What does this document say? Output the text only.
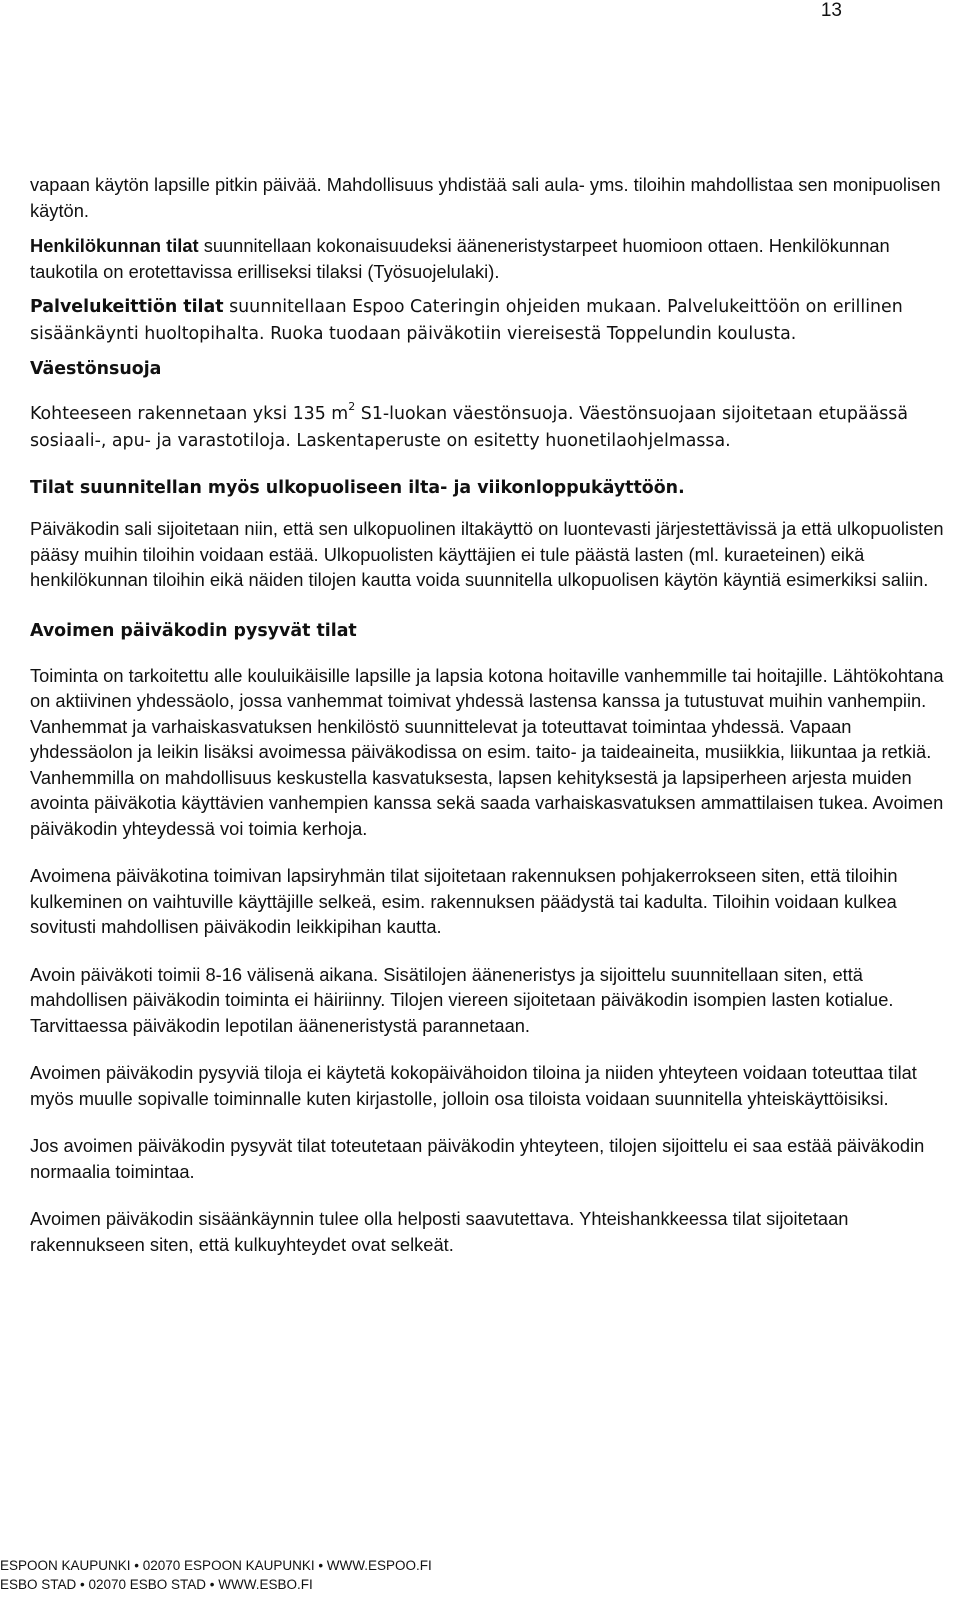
13

vapaan käytön lapsille pitkin päivää. Mahdollisuus yhdistää sali aula- yms. tiloihin mahdollistaa sen monipuolisen käytön.

Henkilökunnan tilat suunnitellaan kokonaisuudeksi ääneneristystarpeet huomioon ottaen. Henkilökunnan taukotila on erotettavissa erilliseksi tilaksi (Työsuojelulaki).

Palvelukeittiön tilat suunnitellaan Espoo Cateringin ohjeiden mukaan. Palvelukeittöön on erillinen sisäänkäynti huoltopihalta. Ruoka tuodaan päiväkotiin viereisestä Toppelundin koulusta.

Väestönsuoja

Kohteeseen rakennetaan yksi 135 $m^2$ S1-luokan väestönsuoja. Väestönsuojaan sijoitetaan etupäässä sosiaali-, apu- ja varastotiloja. Laskentaperuste on esitetty huonetilaohjelmassa.

Tilat suunnitellan myös ulkopuoliseen ilta- ja viikonloppukäyttöön.

Päiväkodin sali sijoitetaan niin, että sen ulkopuolinen iltakäyttö on luontevasti järjestettävissä ja että ulkopuolisten pääsy muihin tiloihin voidaan estää. Ulkopuolisten käyttäjien ei tule päästä lasten (ml. kuraeteinen) eikä henkilökunnan tiloihin eikä näiden tilojen kautta voida suunnitella ulkopuolisen käytön käyntiä esimerkiksi saliin.

Avoimen päiväkodin pysyvät tilat

Toiminta on tarkoitettu alle kouluikäisille lapsille ja lapsia kotona hoitaville vanhemmille tai hoitajille. Lähtökohtana on aktiivinen yhdessäolo, jossa vanhemmat toimivat yhdessä lastensa kanssa ja tutustuvat muihin vanhempiin. Vanhemmat ja varhaiskasvatuksen henkilöstö suunnittelevat ja toteuttavat toimintaa yhdessä. Vapaan yhdessäolon ja leikin lisäksi avoimessa päiväkodissa on esim. taito- ja taideaineita, musiikkia, liikuntaa ja retkiä. Vanhemmilla on mahdollisuus keskustella kasvatuksesta, lapsen kehityksestä ja lapsiperheen arjesta muiden avointa päiväkotia käyttävien vanhempien kanssa sekä saada varhaiskasvatuksen ammattilaisen tukea. Avoimen päiväkodin yhteydessä voi toimia kerhoja.

Avoimena päiväkotina toimivan lapsiryhmän tilat sijoitetaan rakennuksen pohjakerrokseen siten, että tiloihin kulkeminen on vaihtuville käyttäjille selkeä, esim. rakennuksen päädystä tai kadulta. Tiloihin voidaan kulkea sovitusti mahdollisen päiväkodin leikkipihan kautta.

Avoin päiväkoti toimii 8-16 välisenä aikana. Sisätilojen ääneneristys ja sijoittelu suunnitellaan siten, että mahdollisen päiväkodin toiminta ei häiriinny. Tilojen viereen sijoitetaan päiväkodin isompien lasten kotialue. Tarvittaessa päiväkodin lepotilan ääneneristystä parannetaan.

Avoimen päiväkodin pysyviä tiloja ei käytetä kokopäivähoidon tiloina ja niiden yhteyteen voidaan toteuttaa tilat myös muulle sopivalle toiminnalle kuten kirjastolle, jolloin osa tiloista voidaan suunnitella yhteiskäyttöisiksi.

Jos avoimen päiväkodin pysyvät tilat toteutetaan päiväkodin yhteyteen, tilojen sijoittelu ei saa estää päiväkodin normaalia toimintaa.

Avoimen päiväkodin sisäänkäynnin tulee olla helposti saavutettava. Yhteishankkeessa tilat sijoitetaan rakennukseen siten, että kulkuyhteydet ovat selkeät.

ESPOON KAUPUNKI • 02070 ESPOON KAUPUNKI • WWW.ESPOO.FI
ESBO STAD • 02070 ESBO STAD • WWW.ESBO.FI
